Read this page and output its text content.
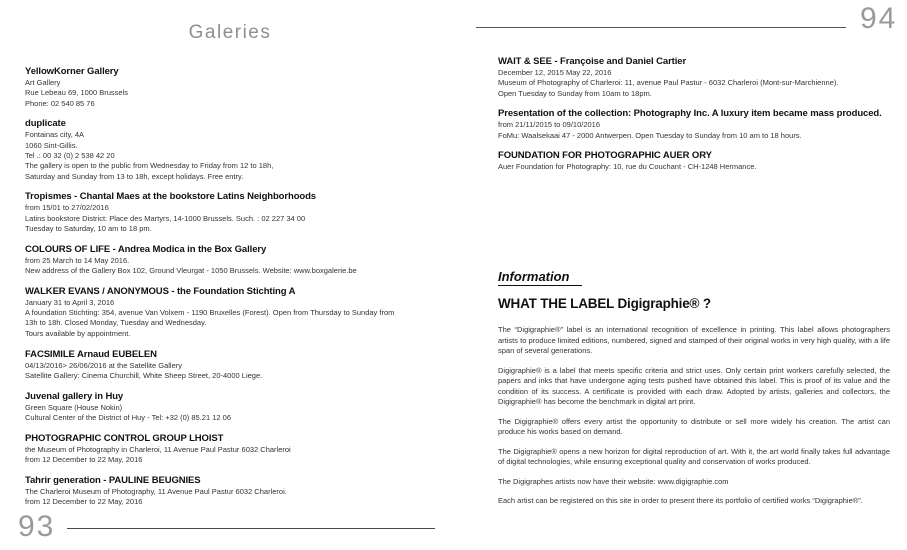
Galeries
YellowKorner Gallery
Art Gallery
Rue Lebeau 69, 1000 Brussels
Phone: 02 540 85 76
duplicate
Fontainas city, 4A
1060 Sint-Gillis.
Tel .: 00 32 (0) 2 538 42 20
The gallery is open to the public from Wednesday to Friday from 12 to 18h,
Saturday and Sunday from 13 to 18h, except holidays. Free entry.
Tropismes - Chantal Maes at the bookstore Latins Neighborhoods
from 15/01 to 27/02/2016
Latins bookstore District: Place des Martyrs, 14-1000 Brussels. Such. : 02 227 34 00
Tuesday to Saturday, 10 am to 18 pm.
COLOURS OF LIFE - Andrea Modica in the Box Gallery
from 25 March to 14 May 2016.
New address of the Gallery Box 102, Ground Vleurgat - 1050 Brussels. Website: www.boxgalerie.be
WALKER EVANS / ANONYMOUS - the Foundation Stichting A
January 31 to April 3, 2016
A foundation Stichting: 354, avenue Van Volxem - 1190 Bruxelles (Forest). Open from Thursday to Sunday from
13h to 18h. Closed Monday, Tuesday and Wednesday.
Tours available by appointment.
FACSIMILE Arnaud EUBELEN
04/13/2016> 26/06/2016 at the Satellite Gallery
Satellite Gallery: Cinema Churchill, White Sheep Street, 20-4000 Liege.
Juvenal gallery in Huy
Green Square (House Nokin)
Cultural Center of the District of Huy - Tel: +32 (0) 85.21 12 06
PHOTOGRAPHIC CONTROL GROUP LHOIST
the Museum of Photography in Charleroi, 11 Avenue Paul Pastur 6032 Charleroi
from 12 December to 22 May, 2016
Tahrir generation - PAULINE BEUGNIES
The Charleroi Museum of Photography, 11 Avenue Paul Pastur 6032 Charleroi.
from 12 December to 22 May, 2016
93
94
WAIT & SEE - Françoise and Daniel Cartier
December 12, 2015 May 22, 2016
Museum of Photography of Charleroi: 11, avenue Paul Pastur - 6032 Charleroi (Mont-sur-Marchienne).
Open Tuesday to Sunday from 10am to 18pm.
Presentation of the collection: Photography Inc. A luxury item became mass produced.
from 21/11/2015 to 09/10/2016
FoMu: Waalsekaai 47 - 2000 Antwerpen. Open Tuesday to Sunday from 10 am to 18 hours.
FOUNDATION FOR PHOTOGRAPHIC AUER ORY
Auer Foundation for Photography: 10, rue du Couchant - CH-1248 Hermance.
Information
WHAT THE LABEL Digigraphie® ?

The “Digigraphie®” label is an international recognition of excellence in printing. This label allows photographers artists to produce limited editions, numbered, signed and stamped of their original works in very high quality, with a life span of several generations.

Digigraphie® is a label that meets specific criteria and strict uses. Only certain print workers carefully selected, the papers and inks that have undergone aging tests pushed have obtained this label. This is proof of its value and the condition of its success. A certificate is provided with each draw. Adopted by artists, galleries and collectors, the Digigraphie® has become the benchmark in digital art print.

The Digigraphie® offers every artist the opportunity to distribute or sell more widely his creation. The artist can produce his works based on demand.

The Digigraphie® opens a new horizon for digital reproduction of art. With it, the art world finally takes full advantage of digital technologies, while ensuring exceptional quality and conservation of works produced.

The Digigraphes artists now have their website: www.digigraphie.com

Each artist can be registered on this site in order to present there its portfolio of certified works “Digigraphie®”.
